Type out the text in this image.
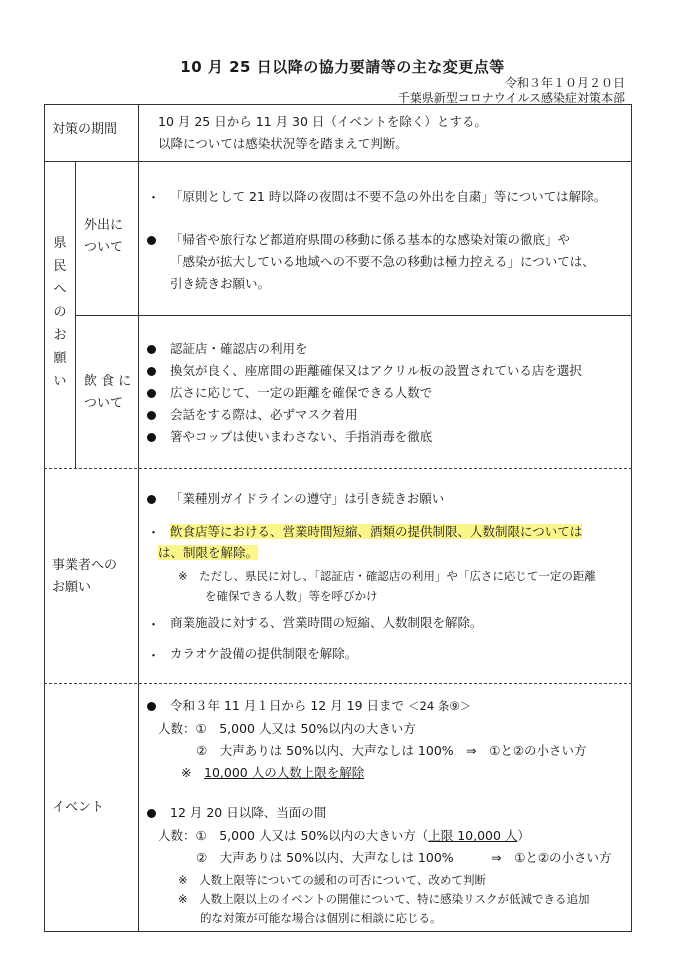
10 月 25 日以降の協力要請等の主な変更点等
令和３年１０月２０日
千葉県新型コロナウイルス感染症対策本部
対策の期間
10 月 25 日から 11 月 30 日（イベントを除く）とする。
以降については感染状況等を踏まえて判断。
県
民
へ
の
お
願
い
外出に
ついて
・ 「原則として 21 時以降の夜間は不要不急の外出を自粛」等については解除。
「帰省や旅行など都道府県間の移動に係る基本的な感染対策の徹底」や
「感染が拡大している地域への不要不急の移動は極力控える」については、
引き続きお願い。
飲 食 に
ついて
認証店・確認店の利用を
換気が良く、座席間の距離確保又はアクリル板の設置されている店を選択
広さに応じて、一定の距離を確保できる人数で
会話をする際は、必ずマスク着用
箸やコップは使いまわさない、手指消毒を徹底
事業者への
お願い
「業種別ガイドラインの遵守」は引き続きお願い
・ 飲食店等における、営業時間短縮、酒類の提供制限、人数制限については
は、制限を解除。
※　ただし、県民に対し、「認証店・確認店の利用」や「広さに応じて一定の距離
を確保できる人数」等を呼びかけ
・ 商業施設に対する、営業時間の短縮、人数制限を解除。
・ カラオケ設備の提供制限を解除。
イベント
令和３年 11 月１日から 12 月 19 日まで ＜24 条⑨＞
人数：①　5,000 人又は 50%以内の大きい方
②　大声ありは 50%以内、大声なしは 100%　⇒　①と②の小さい方
※　 10,000 人の人数上限を解除
12 月 20 日以降、当面の間
人数：①　5,000 人又は 50%以内の大きい方（上限 10,000 人）
②　大声ありは 50%以内、大声なしは 100%　　　⇒　①と②の小さい方
※　人数上限等についての緩和の可否について、改めて判断
※　人数上限以上のイベントの開催について、特に感染リスクが低減できる追加
的な対策が可能な場合は個別に相談に応じる。
